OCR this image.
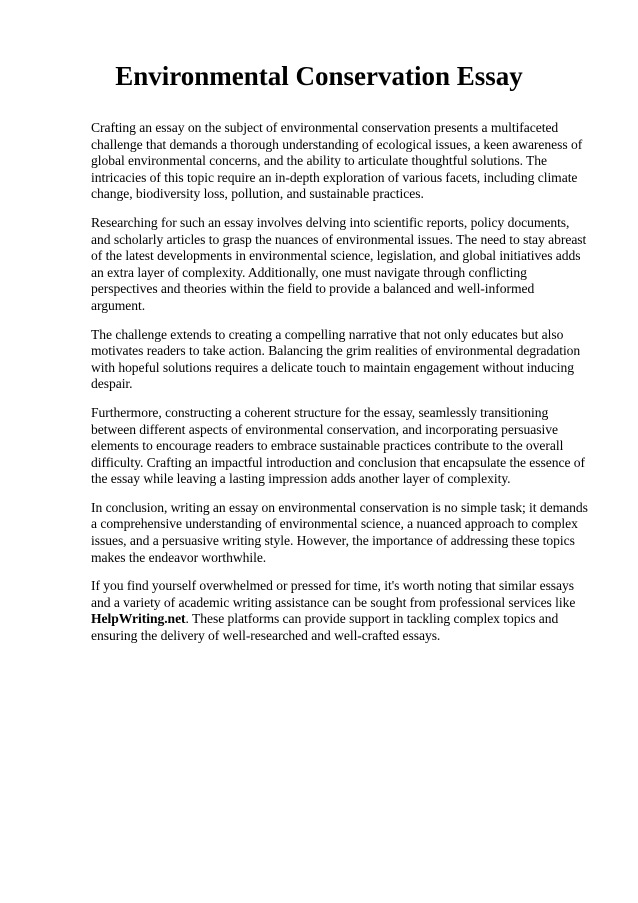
Environmental Conservation Essay

Crafting an essay on the subject of environmental conservation presents a multifaceted challenge that demands a thorough understanding of ecological issues, a keen awareness of global environmental concerns, and the ability to articulate thoughtful solutions. The intricacies of this topic require an in-depth exploration of various facets, including climate change, biodiversity loss, pollution, and sustainable practices.

Researching for such an essay involves delving into scientific reports, policy documents, and scholarly articles to grasp the nuances of environmental issues. The need to stay abreast of the latest developments in environmental science, legislation, and global initiatives adds an extra layer of complexity. Additionally, one must navigate through conflicting perspectives and theories within the field to provide a balanced and well-informed argument.

The challenge extends to creating a compelling narrative that not only educates but also motivates readers to take action. Balancing the grim realities of environmental degradation with hopeful solutions requires a delicate touch to maintain engagement without inducing despair.

Furthermore, constructing a coherent structure for the essay, seamlessly transitioning between different aspects of environmental conservation, and incorporating persuasive elements to encourage readers to embrace sustainable practices contribute to the overall difficulty. Crafting an impactful introduction and conclusion that encapsulate the essence of the essay while leaving a lasting impression adds another layer of complexity.

In conclusion, writing an essay on environmental conservation is no simple task; it demands a comprehensive understanding of environmental science, a nuanced approach to complex issues, and a persuasive writing style. However, the importance of addressing these topics makes the endeavor worthwhile.

If you find yourself overwhelmed or pressed for time, it's worth noting that similar essays and a variety of academic writing assistance can be sought from professional services like HelpWriting.net. These platforms can provide support in tackling complex topics and ensuring the delivery of well-researched and well-crafted essays.
